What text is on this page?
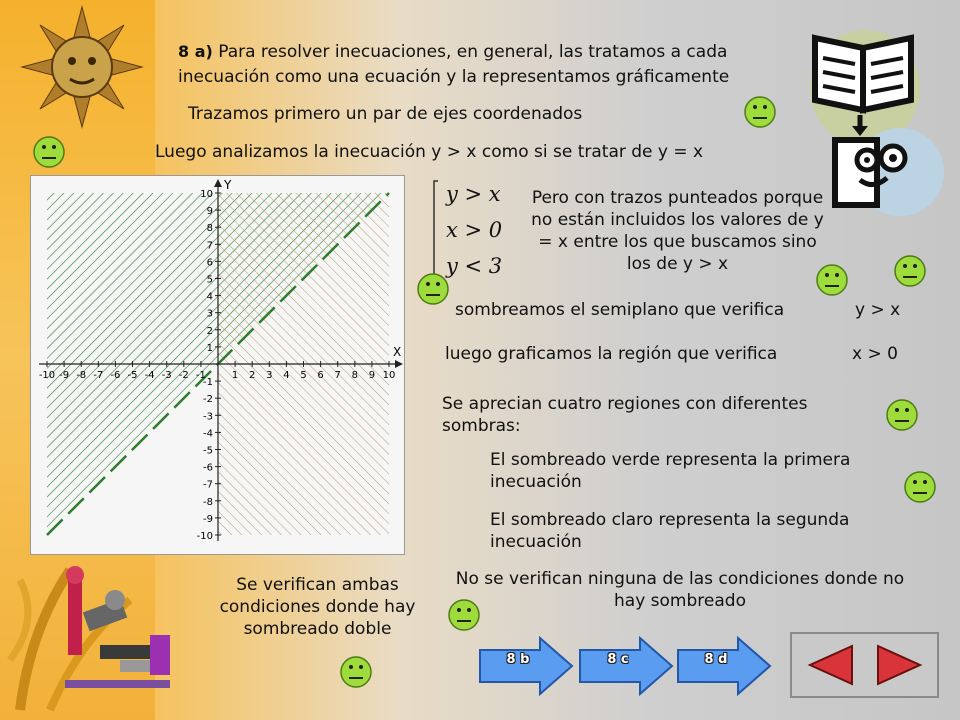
8 a) Para resolver inecuaciones, en general, las tratamos a cada
inecuación como una ecuación y la representamos gráficamente
Trazamos primero un par de ejes coordenados
Luego analizamos la inecuación y > x como si se tratar de y = x
X
Y
-10 -9 -8 -7 -6 -5 -4 -3 -2 -1	1 2 3 4 5 6 7 8 9 10
10
9
8
7
6
5
4
3
2
1
-1
-2
-3
-4
-5
-6
-7
-8
-9
-10
y > x
x > 0
y < 3
Pero con trazos punteados porque no están incluidos los valores de y = x entre los que buscamos sino los de y > x
sombreamos el semiplano que verifica	y > x
luego graficamos la región que verifica	x > 0
Se aprecian cuatro regiones con diferentes sombras:
El sombreado verde representa la primera inecuación
El sombreado claro representa la segunda inecuación
No se verifican ninguna de las condiciones donde no hay sombreado
Se verifican ambas condiciones donde hay sombreado doble
8 b	8 c	8 d
